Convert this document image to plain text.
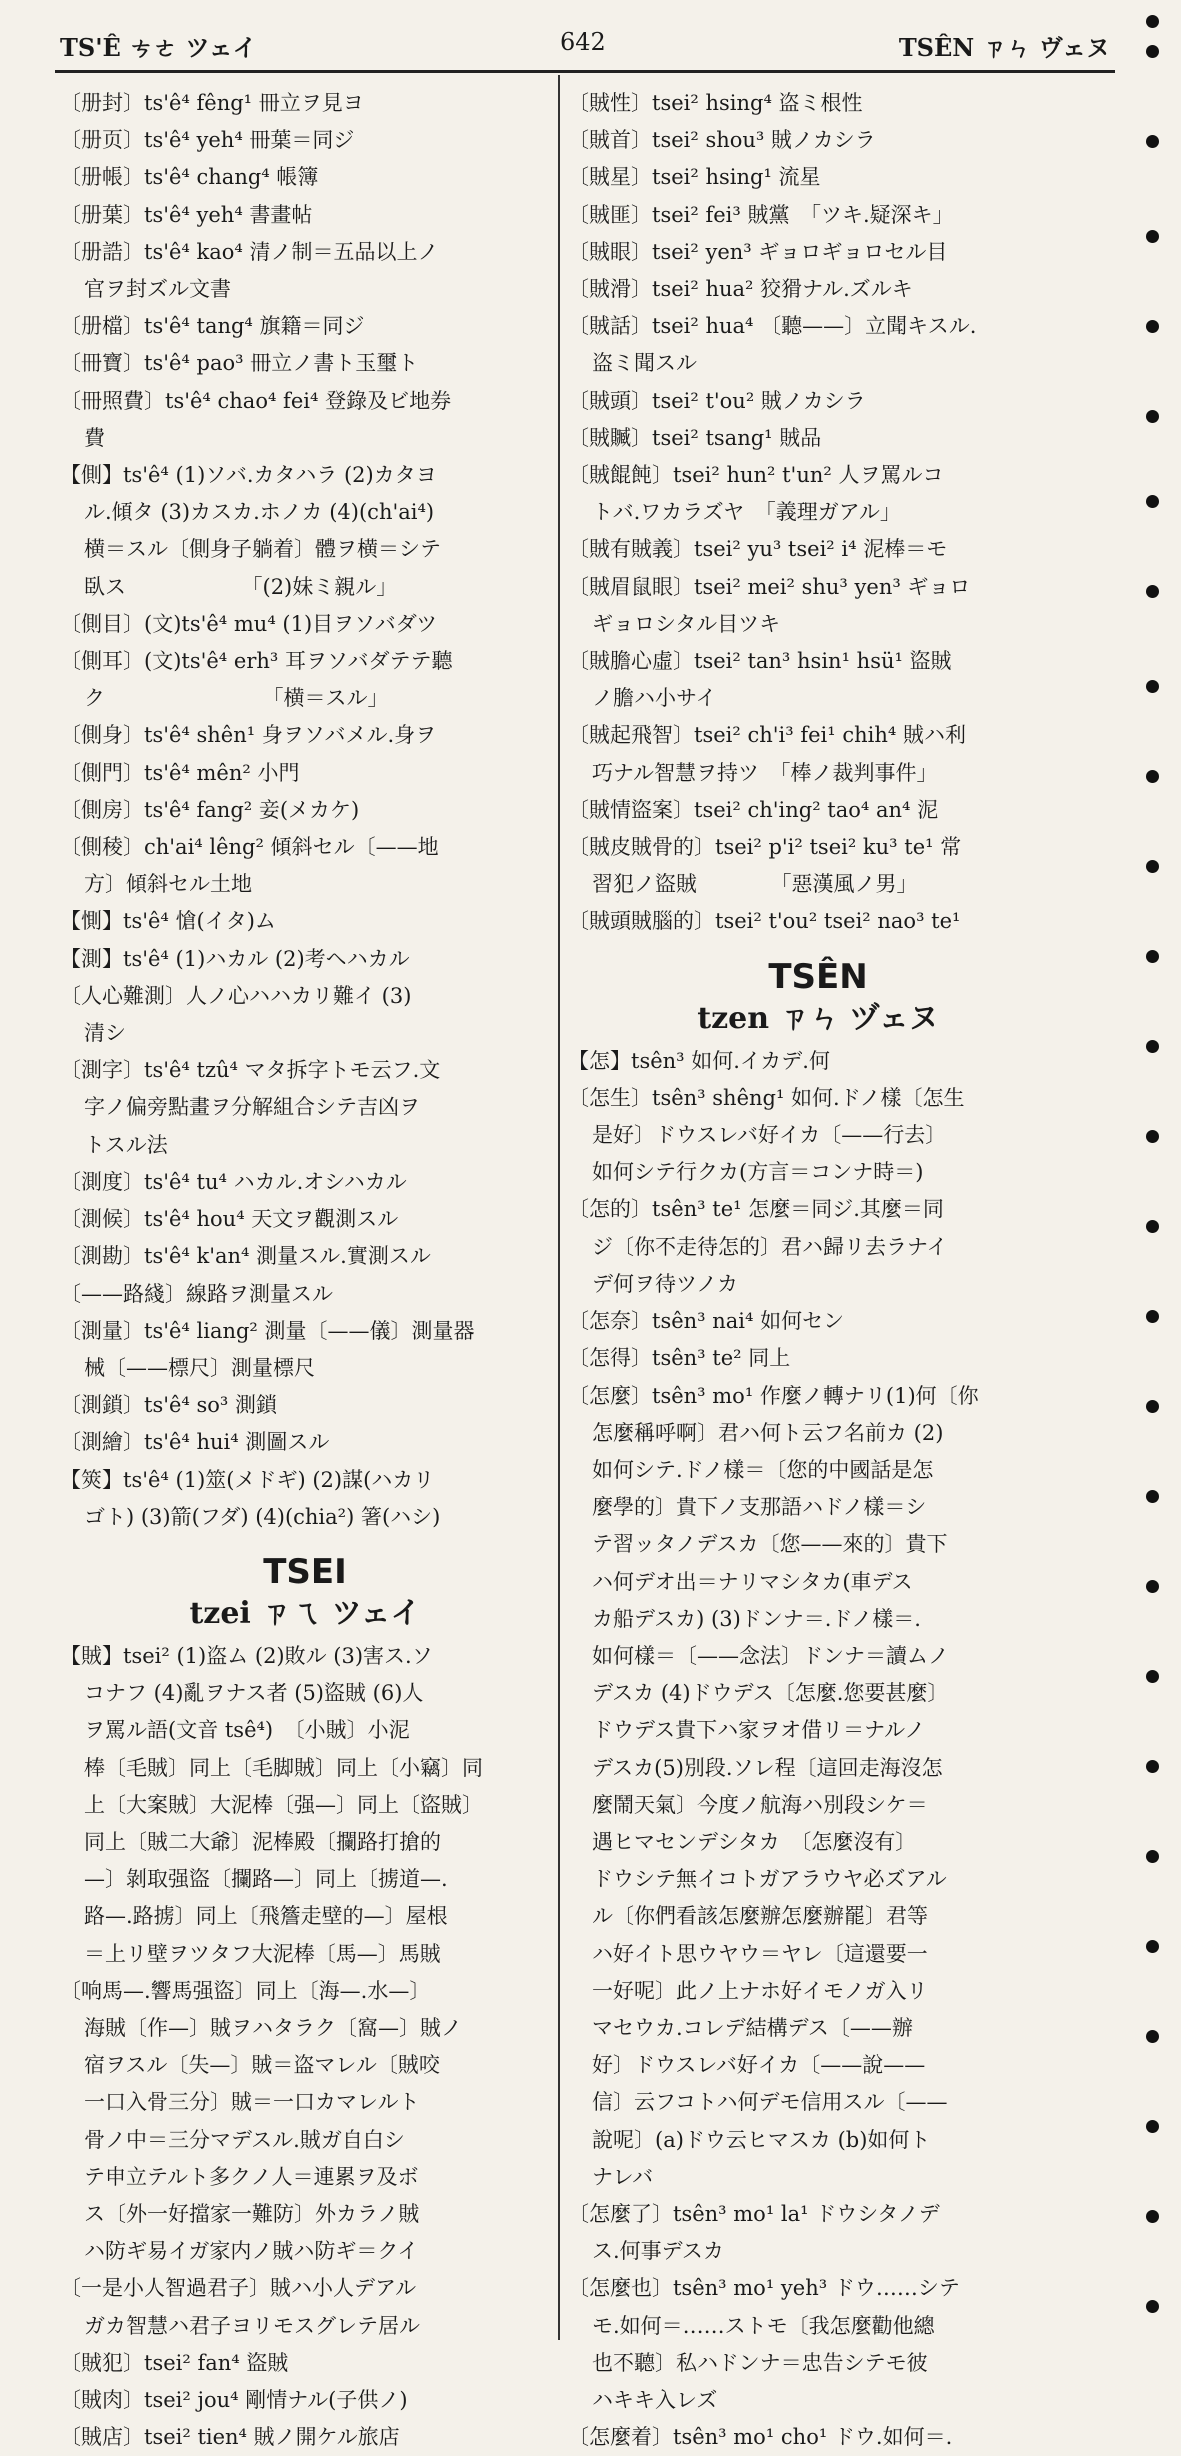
TS'Ê ㄘㄜ ツェイ	642	TSÊN ㄗㄣ ヴェヌ
〔册封〕ts'ê⁴ fêng¹ 冊立ヲ見ヨ
〔册页〕ts'ê⁴ yeh⁴ 冊葉＝同ジ
〔册帳〕ts'ê⁴ chang⁴ 帳簿
〔册葉〕ts'ê⁴ yeh⁴ 書畫帖
〔册誥〕ts'ê⁴ kao⁴ 清ノ制＝五品以上ノ
官ヲ封ズル文書
〔册檔〕ts'ê⁴ tang⁴ 旗籍＝同ジ
〔冊寶〕ts'ê⁴ pao³ 冊立ノ書ト玉璽ト
〔冊照費〕ts'ê⁴ chao⁴ fei⁴ 登錄及ビ地券
費
【側】ts'ê⁴ (1)ソバ.カタハラ (2)カタヨ
ル.傾タ (3)カスカ.ホノカ (4)(ch'ai⁴)
横＝スル〔側身子躺着〕體ヲ横＝シテ
臥ス　　　　　　「(2)妹ミ親ル」
〔側目〕(文)ts'ê⁴ mu⁴ (1)目ヲソバダツ
〔側耳〕(文)ts'ê⁴ erh³ 耳ヲソバダテテ聽
ク　　　　　　　　「横＝スル」
〔側身〕ts'ê⁴ shên¹ 身ヲソバメル.身ヲ
〔側門〕ts'ê⁴ mên² 小門
〔側房〕ts'ê⁴ fang² 妾(メカケ)
〔側稜〕ch'ai⁴ lêng² 傾斜セル〔——地
方〕傾斜セル土地
【惻】ts'ê⁴ 愴(イタ)ム
【測】ts'ê⁴ (1)ハカル (2)考ヘハカル
〔人心難測〕人ノ心ハハカリ難イ (3)
清シ
〔測字〕ts'ê⁴ tzû⁴ マタ拆字トモ云フ.文
字ノ偏旁點畫ヲ分解組合シテ吉凶ヲ
トスル法
〔測度〕ts'ê⁴ tu⁴ ハカル.オシハカル
〔測候〕ts'ê⁴ hou⁴ 天文ヲ觀測スル
〔測勘〕ts'ê⁴ k'an⁴ 測量スル.實測スル
〔——路綫〕線路ヲ測量スル
〔測量〕ts'ê⁴ liang² 測量〔——儀〕測量器
械〔——標尺〕測量標尺
〔測鎖〕ts'ê⁴ so³ 測鎖
〔測繪〕ts'ê⁴ hui⁴ 測圖スル
【筴】ts'ê⁴ (1)筮(メドギ) (2)謀(ハカリ
ゴト) (3)箭(フダ) (4)(chia²) 箸(ハシ)
TSEI
tzei ㄗㄟ ツェイ
【賊】tsei² (1)盗ム (2)敗ル (3)害ス.ソ
コナフ (4)亂ヲナス者 (5)盜賊 (6)人
ヲ罵ル語(文音 tsê⁴)　〔小賊〕小泥
棒〔毛賊〕同上〔毛脚賊〕同上〔小竊〕同
上〔大案賊〕大泥棒〔强—〕同上〔盜賊〕
同上〔賊二大爺〕泥棒殿〔攔路打搶的
—〕剝取强盜〔攔路—〕同上〔掳道—.
路—.路掳〕同上〔飛簷走壁的—〕屋根
＝上リ壁ヲツタフ大泥棒〔馬—〕馬賊
〔响馬—.響馬强盜〕同上〔海—.水—〕
海賊〔作—〕賊ヲハタラク〔窩—〕賊ノ
宿ヲスル〔失—〕賊＝盗マレル〔賊咬
一口入骨三分〕賊＝一口カマレルト
骨ノ中＝三分マデスル.賊ガ自白シ
テ申立テルト多クノ人＝連累ヲ及ボ
ス〔外一好擋家一難防〕外カラノ賊
ハ防ギ易イガ家内ノ賊ハ防ギ＝クイ
〔一是小人智過君子〕賊ハ小人デアル
ガカ智慧ハ君子ヨリモスグレテ居ル
〔賊犯〕tsei² fan⁴ 盜賊
〔賊肉〕tsei² jou⁴ 剛情ナル(子供ノ)
〔賊店〕tsei² tien⁴ 賊ノ開ケル旅店
〔賊性〕tsei² hsing⁴ 盗ミ根性
〔賊首〕tsei² shou³ 賊ノカシラ
〔賊星〕tsei² hsing¹ 流星
〔賊匪〕tsei² fei³ 賊黨　「ツキ.疑深キ」
〔賊眼〕tsei² yen³ ギョロギョロセル目
〔賊滑〕tsei² hua² 狡猾ナル.ズルキ
〔賊話〕tsei² hua⁴ 〔聽——〕立聞キスル.
盗ミ聞スル
〔賊頭〕tsei² t'ou² 賊ノカシラ
〔賊贓〕tsei² tsang¹ 賊品
〔賊餛飩〕tsei² hun² t'un² 人ヲ罵ルコ
トバ.ワカラズヤ　「義理ガアル」
〔賊有賊義〕tsei² yu³ tsei² i⁴ 泥棒＝モ
〔賊眉鼠眼〕tsei² mei² shu³ yen³ ギョロ
ギョロシタル目ツキ
〔賊膽心虛〕tsei² tan³ hsin¹ hsü¹ 盜賊
ノ膽ハ小サイ
〔賊起飛智〕tsei² ch'i³ fei¹ chih⁴ 賊ハ利
巧ナル智慧ヲ持ツ　「棒ノ裁判事件」
〔賊情盜案〕tsei² ch'ing² tao⁴ an⁴ 泥
〔賊皮賊骨的〕tsei² p'i² tsei² ku³ te¹ 常
習犯ノ盜賊　　　　「惡漢風ノ男」
〔賊頭賊腦的〕tsei² t'ou² tsei² nao³ te¹
TSÊN
tzen ㄗㄣ ヅェヌ
【怎】tsên³ 如何.イカデ.何
〔怎生〕tsên³ shêng¹ 如何.ドノ樣〔怎生
是好〕ドウスレバ好イカ〔——行去〕
如何シテ行クカ(方言＝コンナ時＝)
〔怎的〕tsên³ te¹ 怎麼＝同ジ.其麼＝同
ジ〔你不走待怎的〕君ハ歸リ去ラナイ
デ何ヲ待ツノカ
〔怎奈〕tsên³ nai⁴ 如何セン
〔怎得〕tsên³ te² 同上
〔怎麼〕tsên³ mo¹ 作麼ノ轉ナリ(1)何〔你
怎麼稱呼啊〕君ハ何ト云フ名前カ (2)
如何シテ.ドノ樣＝〔您的中國話是怎
麼學的〕貴下ノ支那語ハドノ樣＝シ
テ習ッタノデスカ〔您——來的〕貴下
ハ何デオ出＝ナリマシタカ(車デス
カ船デスカ) (3)ドンナ＝.ドノ樣＝.
如何樣＝〔——念法〕ドンナ＝讀ムノ
デスカ (4)ドウデス〔怎麼.您要甚麼〕
ドウデス貴下ハ家ヲオ借リ＝ナルノ
デスカ(5)別段.ソレ程〔這回走海沒怎
麼鬧天氣〕今度ノ航海ハ別段シケ＝
遇ヒマセンデシタカ　〔怎麼沒有〕
ドウシテ無イコトガアラウヤ必ズアル
ル〔你們看該怎麼辦怎麼辦罷〕君等
ハ好イト思ウヤウ＝ヤレ〔這還要一
一好呢〕此ノ上ナホ好イモノガ入リ
マセウカ.コレデ結構デス〔——辦
好〕ドウスレバ好イカ〔——說——
信〕云フコトハ何デモ信用スル〔——
說呢〕(a)ドウ云ヒマスカ (b)如何ト
ナレバ
〔怎麼了〕tsên³ mo¹ la¹ ドウシタノデ
ス.何事デスカ
〔怎麼也〕tsên³ mo¹ yeh³ ドウ……シテ
モ.如何＝……ストモ〔我怎麼勸他總
也不聽〕私ハドンナ＝忠告シテモ彼
ハキキ入レズ
〔怎麼着〕tsên³ mo¹ cho¹ ドウ.如何＝.
